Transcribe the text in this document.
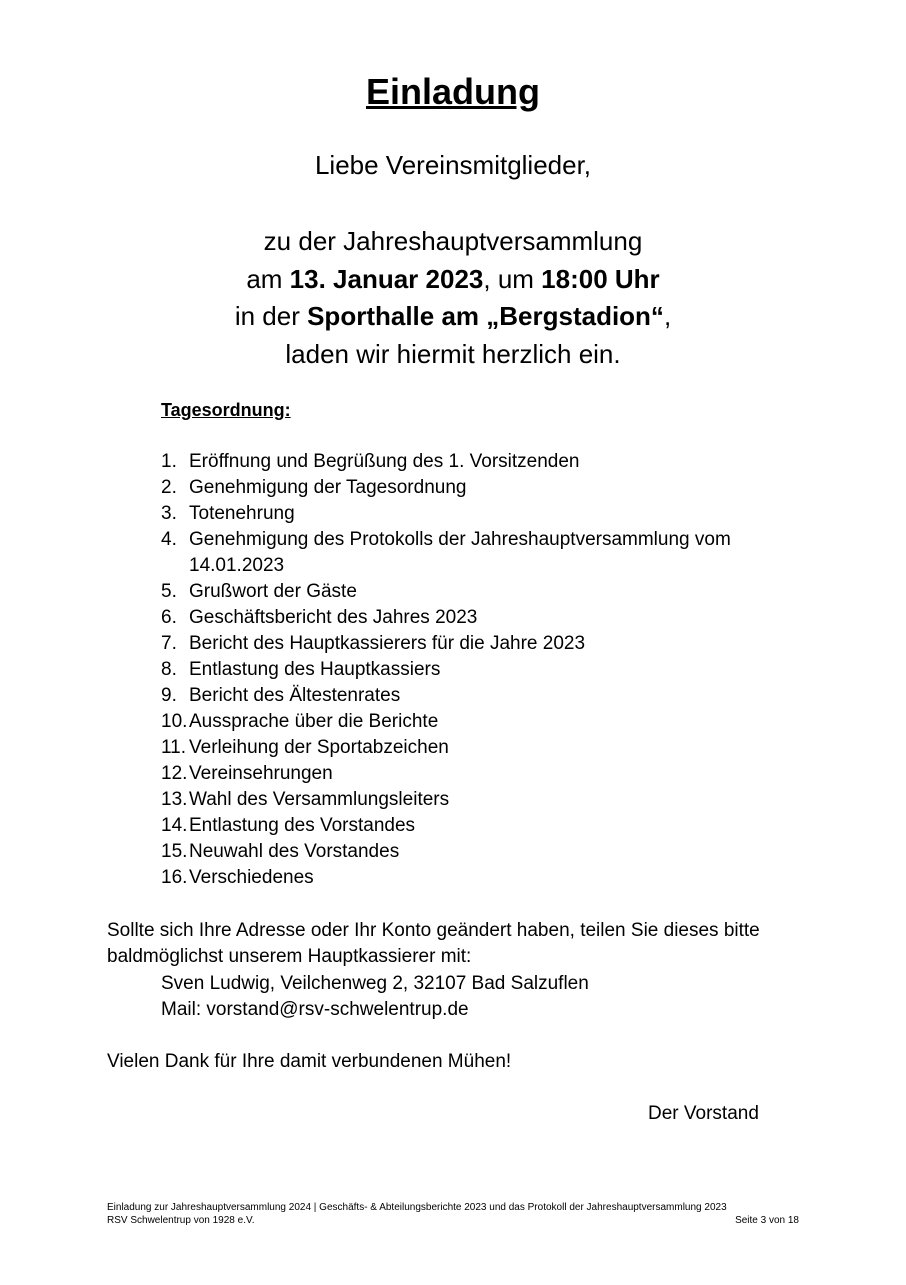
Einladung
Liebe Vereinsmitglieder,
zu der Jahreshauptversammlung
am 13. Januar 2023, um 18:00 Uhr
in der Sporthalle am „Bergstadion“,
laden wir hiermit herzlich ein.
Tagesordnung:
1. Eröffnung und Begrüßung des 1. Vorsitzenden
2. Genehmigung der Tagesordnung
3. Totenehrung
4. Genehmigung des Protokolls der Jahreshauptversammlung vom 14.01.2023
5. Grußwort der Gäste
6. Geschäftsbericht des Jahres 2023
7. Bericht des Hauptkassierers für die Jahre 2023
8. Entlastung des Hauptkassiers
9. Bericht des Ältestenrates
10. Aussprache über die Berichte
11. Verleihung der Sportabzeichen
12. Vereinsehrungen
13. Wahl des Versammlungsleiters
14. Entlastung des Vorstandes
15. Neuwahl des Vorstandes
16. Verschiedenes
Sollte sich Ihre Adresse oder Ihr Konto geändert haben, teilen Sie dieses bitte baldmöglichst unserem Hauptkassierer mit:
Sven Ludwig, Veilchenweg 2, 32107 Bad Salzuflen
Mail: vorstand@rsv-schwelentrup.de
Vielen Dank für Ihre damit verbundenen Mühen!
Der Vorstand
Einladung zur Jahreshauptversammlung 2024 | Geschäfts- & Abteilungsberichte 2023 und das Protokoll der Jahreshauptversammlung 2023
RSV Schwelentrup von 1928 e.V.	Seite 3 von 18
